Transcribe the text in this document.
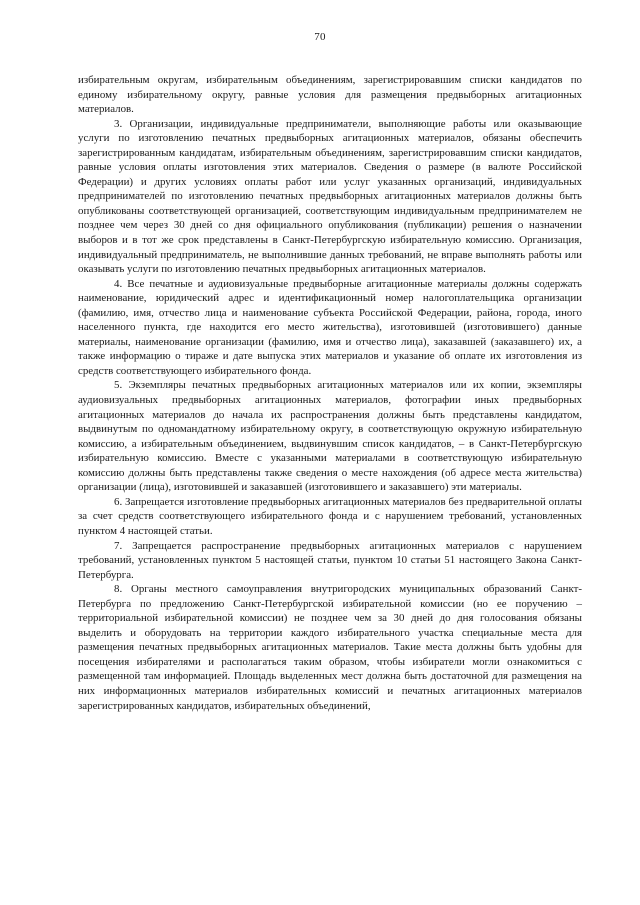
70

избирательным округам, избирательным объединениям, зарегистрировавшим списки кандидатов по единому избирательному округу, равные условия для размещения предвыборных агитационных материалов.

3. Организации, индивидуальные предприниматели, выполняющие работы или оказывающие услуги по изготовлению печатных предвыборных агитационных материалов, обязаны обеспечить зарегистрированным кандидатам, избирательным объединениям, зарегистрировавшим списки кандидатов, равные условия оплаты изготовления этих материалов. Сведения о размере (в валюте Российской Федерации) и других условиях оплаты работ или услуг указанных организаций, индивидуальных предпринимателей по изготовлению печатных предвыборных агитационных материалов должны быть опубликованы соответствующей организацией, соответствующим индивидуальным предпринимателем не позднее чем через 30 дней со дня официального опубликования (публикации) решения о назначении выборов и в тот же срок представлены в Санкт-Петербургскую избирательную комиссию. Организация, индивидуальный предприниматель, не выполнившие данных требований, не вправе выполнять работы или оказывать услуги по изготовлению печатных предвыборных агитационных материалов.

4. Все печатные и аудиовизуальные предвыборные агитационные материалы должны содержать наименование, юридический адрес и идентификационный номер налогоплательщика организации (фамилию, имя, отчество лица и наименование субъекта Российской Федерации, района, города, иного населенного пункта, где находится его место жительства), изготовившей (изготовившего) данные материалы, наименование организации (фамилию, имя и отчество лица), заказавшей (заказавшего) их, а также информацию о тираже и дате выпуска этих материалов и указание об оплате их изготовления из средств соответствующего избирательного фонда.

5. Экземпляры печатных предвыборных агитационных материалов или их копии, экземпляры аудиовизуальных предвыборных агитационных материалов, фотографии иных предвыборных агитационных материалов до начала их распространения должны быть представлены кандидатом, выдвинутым по одномандатному избирательному округу, в соответствующую окружную избирательную комиссию, а избирательным объединением, выдвинувшим список кандидатов, – в Санкт-Петербургскую избирательную комиссию. Вместе с указанными материалами в соответствующую избирательную комиссию должны быть представлены также сведения о месте нахождения (об адресе места жительства) организации (лица), изготовившей и заказавшей (изготовившего и заказавшего) эти материалы.

6. Запрещается изготовление предвыборных агитационных материалов без предварительной оплаты за счет средств соответствующего избирательного фонда и с нарушением требований, установленных пунктом 4 настоящей статьи.

7. Запрещается распространение предвыборных агитационных материалов с нарушением требований, установленных пунктом 5 настоящей статьи, пунктом 10 статьи 51 настоящего Закона Санкт-Петербурга.

8. Органы местного самоуправления внутригородских муниципальных образований Санкт-Петербурга по предложению Санкт-Петербургской избирательной комиссии (но ее поручению – территориальной избирательной комиссии) не позднее чем за 30 дней до дня голосования обязаны выделить и оборудовать на территории каждого избирательного участка специальные места для размещения печатных предвыборных агитационных материалов. Такие места должны быть удобны для посещения избирателями и располагаться таким образом, чтобы избиратели могли ознакомиться с размещенной там информацией. Площадь выделенных мест должна быть достаточной для размещения на них информационных материалов избирательных комиссий и печатных агитационных материалов зарегистрированных кандидатов, избирательных объединений,
